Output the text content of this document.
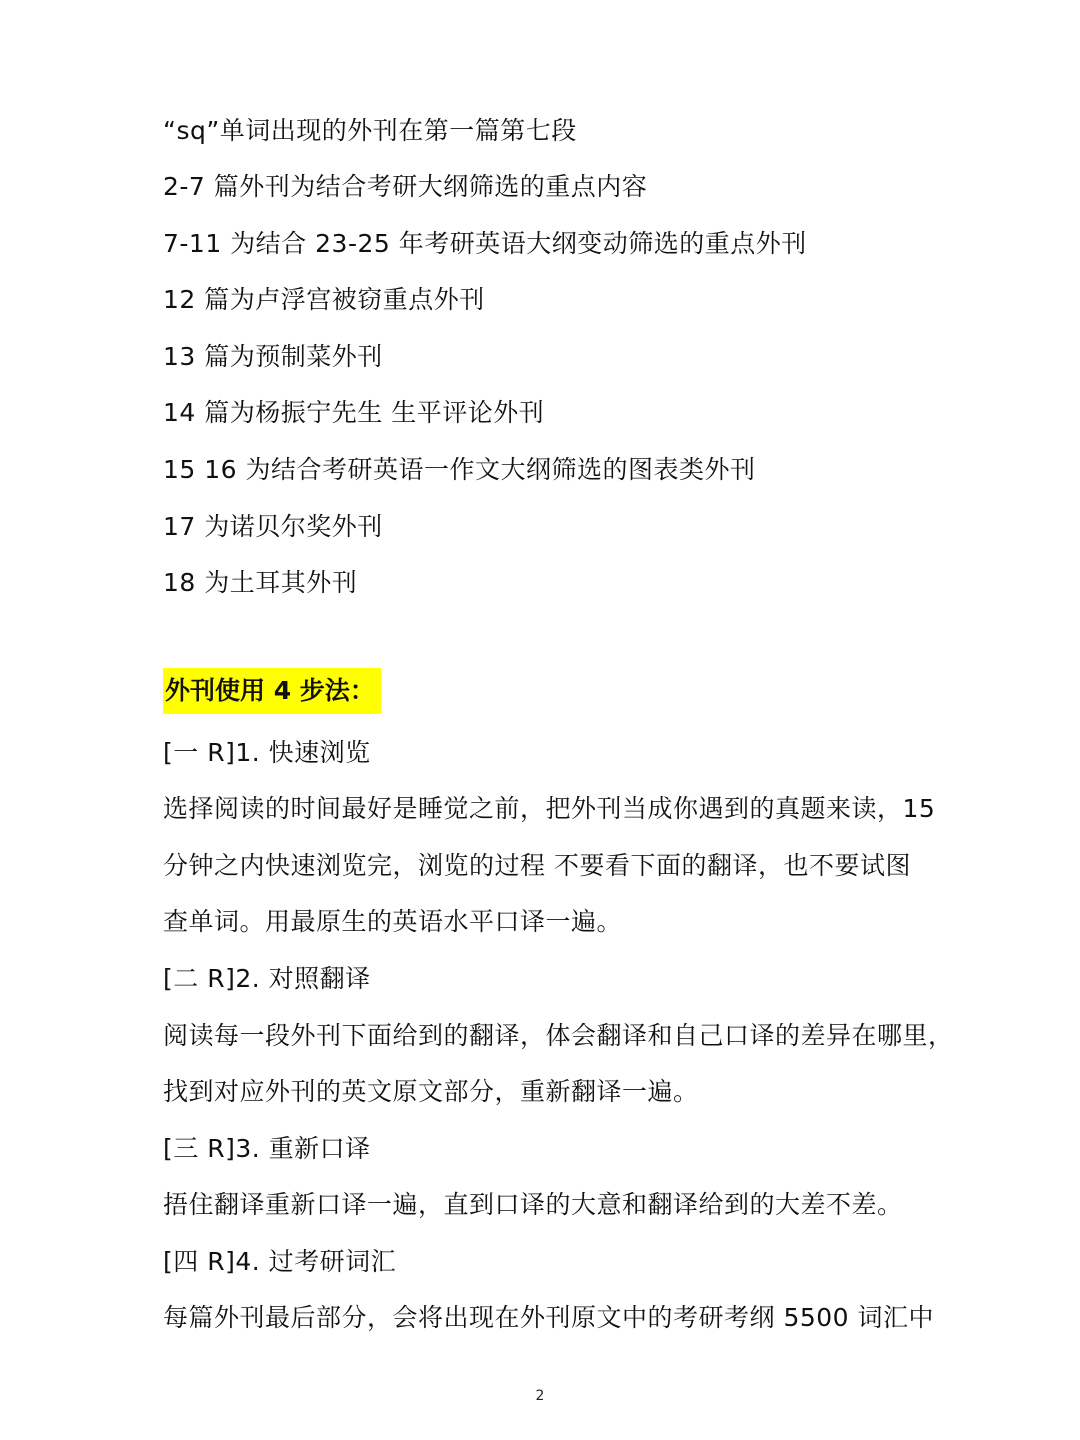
“sq”单词出现的外刊在第一篇第七段
2-7 篇外刊为结合考研大纲筛选的重点内容
7-11 为结合 23-25 年考研英语大纲变动筛选的重点外刊
12 篇为卢浮宫被窃重点外刊
13 篇为预制菜外刊
14 篇为杨振宁先生 生平评论外刊
15 16 为结合考研英语一作文大纲筛选的图表类外刊
17 为诺贝尔奖外刊
18 为土耳其外刊
外刊使用 4 步法：
[一 R]1. 快速浏览
选择阅读的时间最好是睡觉之前，把外刊当成你遇到的真题来读，15
分钟之内快速浏览完，浏览的过程 不要看下面的翻译，也不要试图
查单词。用最原生的英语水平口译一遍。
[二 R]2. 对照翻译
阅读每一段外刊下面给到的翻译，体会翻译和自己口译的差异在哪里，
找到对应外刊的英文原文部分，重新翻译一遍。
[三 R]3. 重新口译
捂住翻译重新口译一遍，直到口译的大意和翻译给到的大差不差。
[四 R]4. 过考研词汇
每篇外刊最后部分，会将出现在外刊原文中的考研考纲 5500 词汇中
2
